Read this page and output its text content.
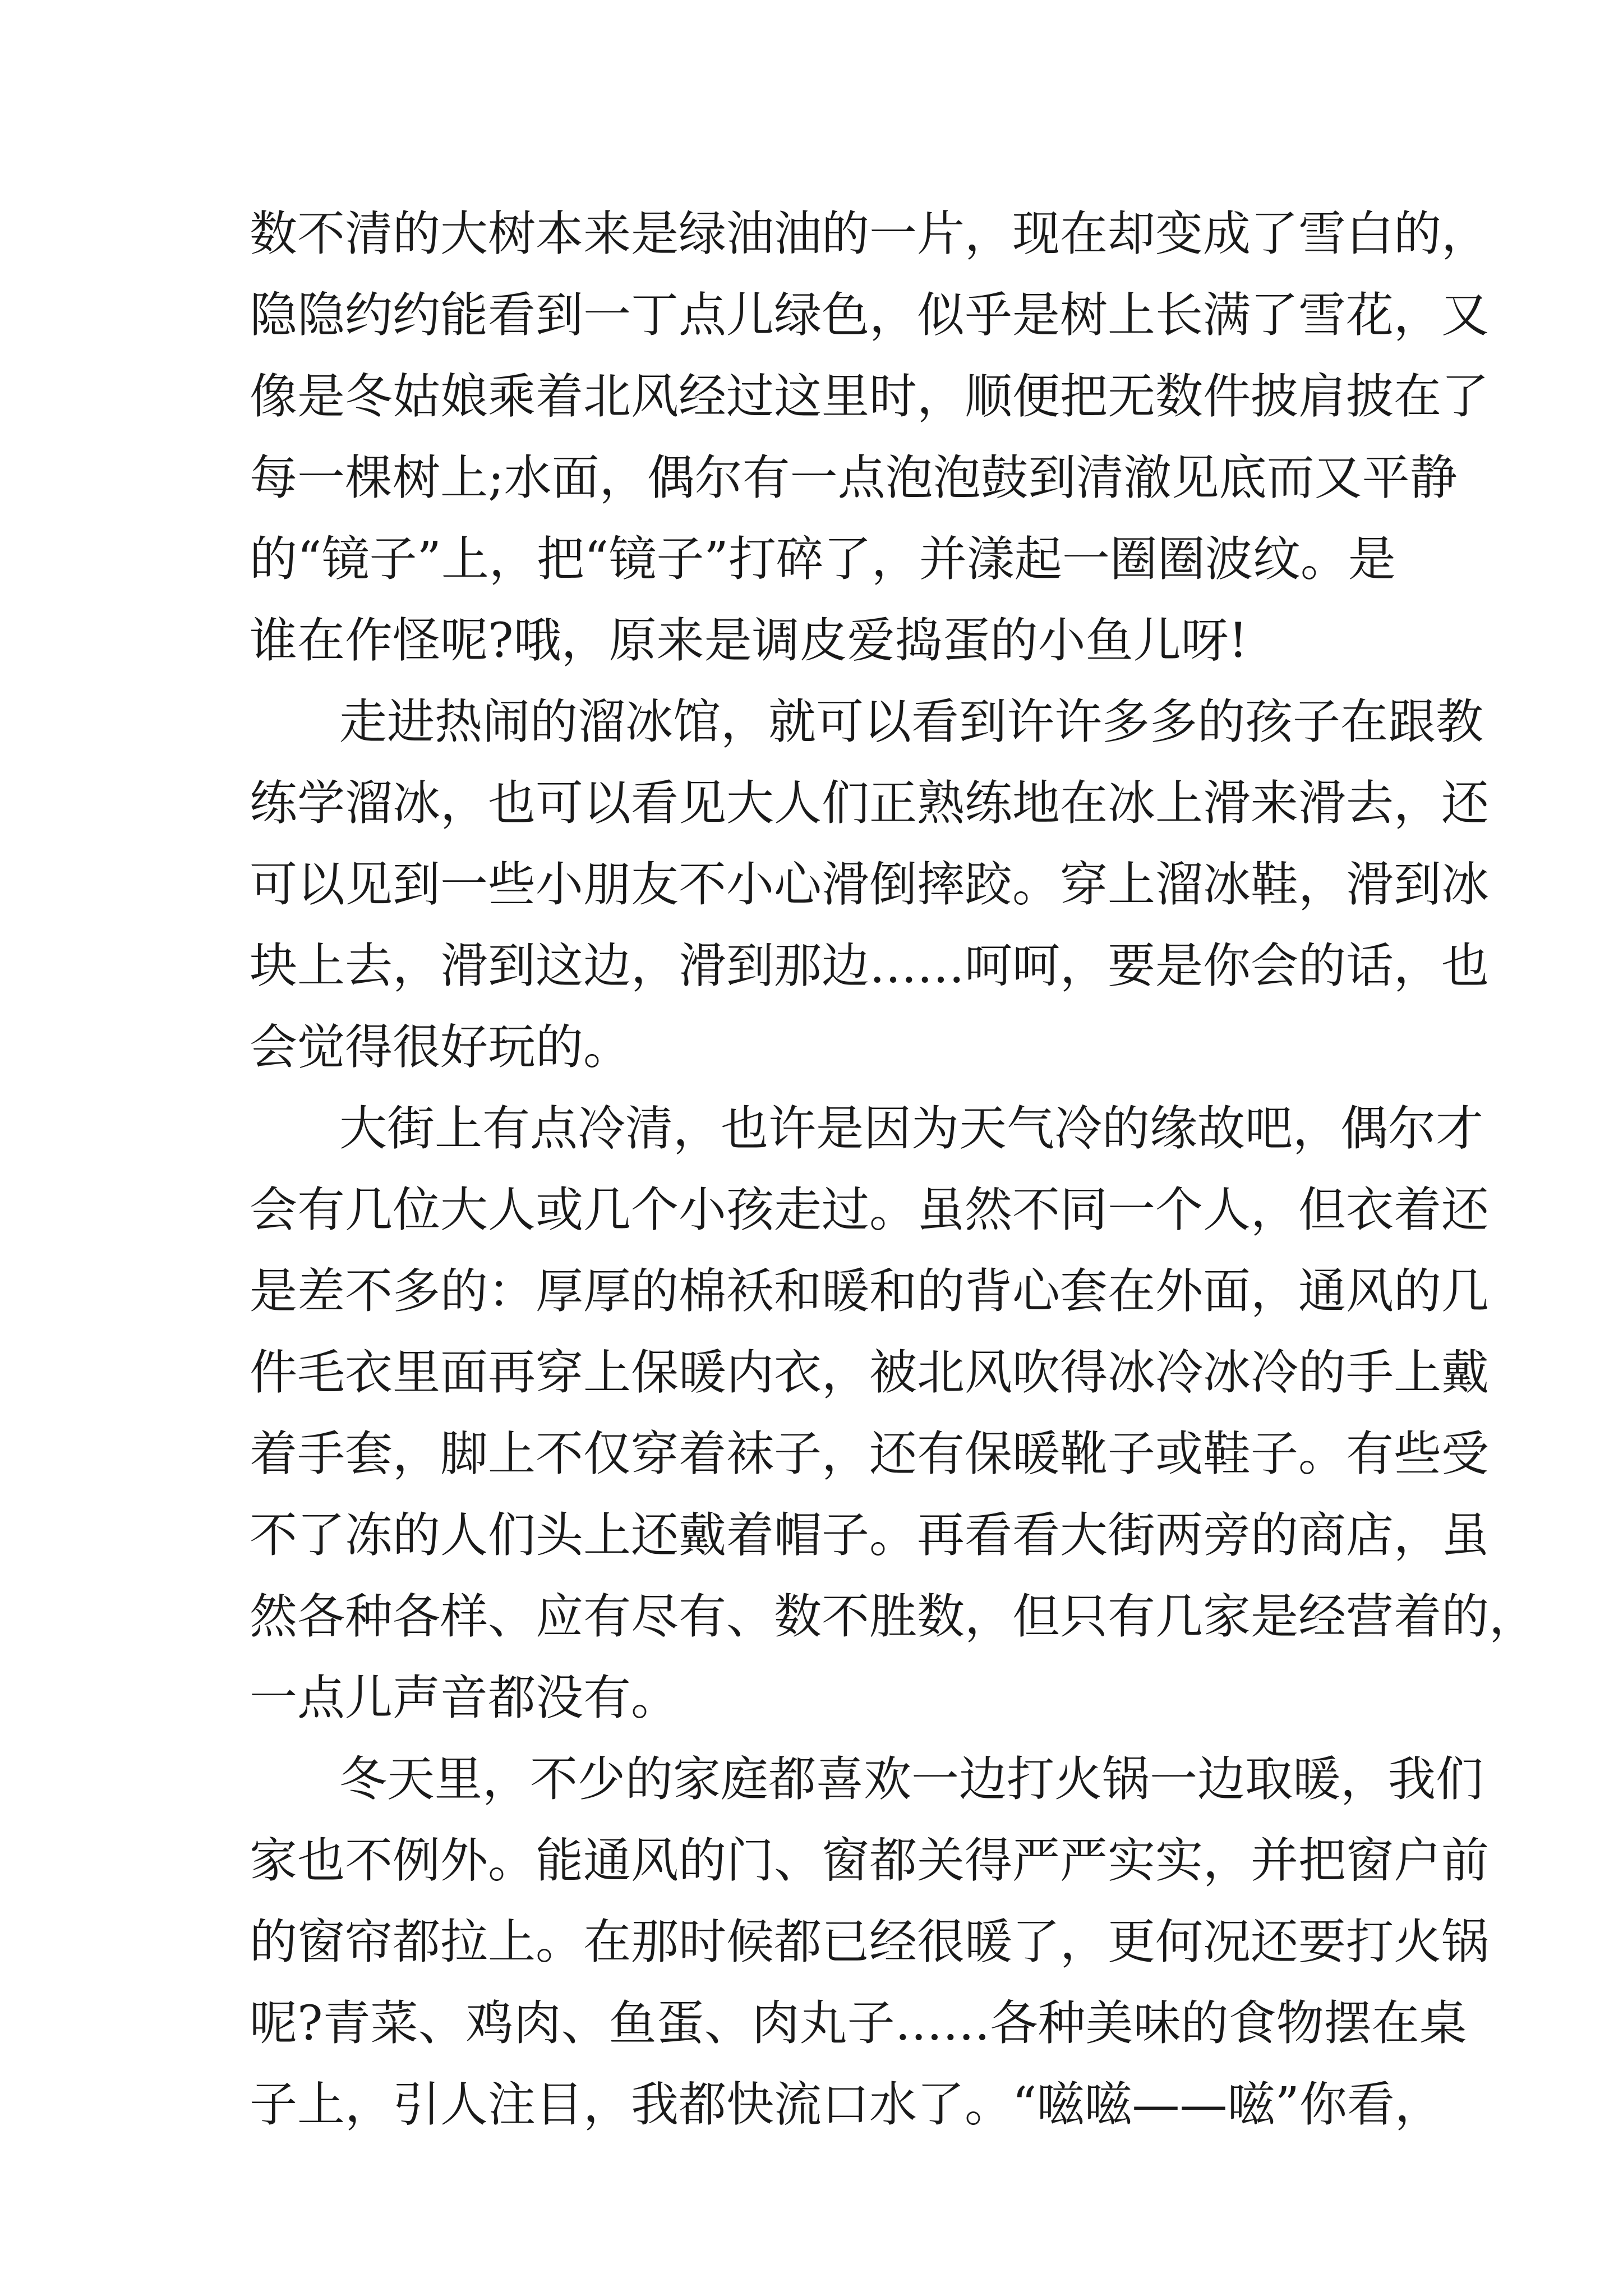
数不清的大树本来是绿油油的一片，现在却变成了雪白的，
隐隐约约能看到一丁点儿绿色，似乎是树上长满了雪花，又
像是冬姑娘乘着北风经过这里时，顺便把无数件披肩披在了
每一棵树上;水面，偶尔有一点泡泡鼓到清澈见底而又平静
的“镜子”上，把“镜子”打碎了，并漾起一圈圈波纹。是
谁在作怪呢?哦，原来是调皮爱捣蛋的小鱼儿呀!
走进热闹的溜冰馆，就可以看到许许多多的孩子在跟教
练学溜冰，也可以看见大人们正熟练地在冰上滑来滑去，还
可以见到一些小朋友不小心滑倒摔跤。穿上溜冰鞋，滑到冰
块上去，滑到这边，滑到那边……呵呵，要是你会的话，也
会觉得很好玩的。
大街上有点冷清，也许是因为天气冷的缘故吧，偶尔才
会有几位大人或几个小孩走过。虽然不同一个人，但衣着还
是差不多的：厚厚的棉袄和暖和的背心套在外面，通风的几
件毛衣里面再穿上保暖内衣，被北风吹得冰冷冰冷的手上戴
着手套，脚上不仅穿着袜子，还有保暖靴子或鞋子。有些受
不了冻的人们头上还戴着帽子。再看看大街两旁的商店，虽
然各种各样、应有尽有、数不胜数，但只有几家是经营着的，
一点儿声音都没有。
冬天里，不少的家庭都喜欢一边打火锅一边取暖，我们
家也不例外。能通风的门、窗都关得严严实实，并把窗户前
的窗帘都拉上。在那时候都已经很暖了，更何况还要打火锅
呢?青菜、鸡肉、鱼蛋、肉丸子……各种美味的食物摆在桌
子上，引人注目，我都快流口水了。“嗞嗞——嗞”你看，
